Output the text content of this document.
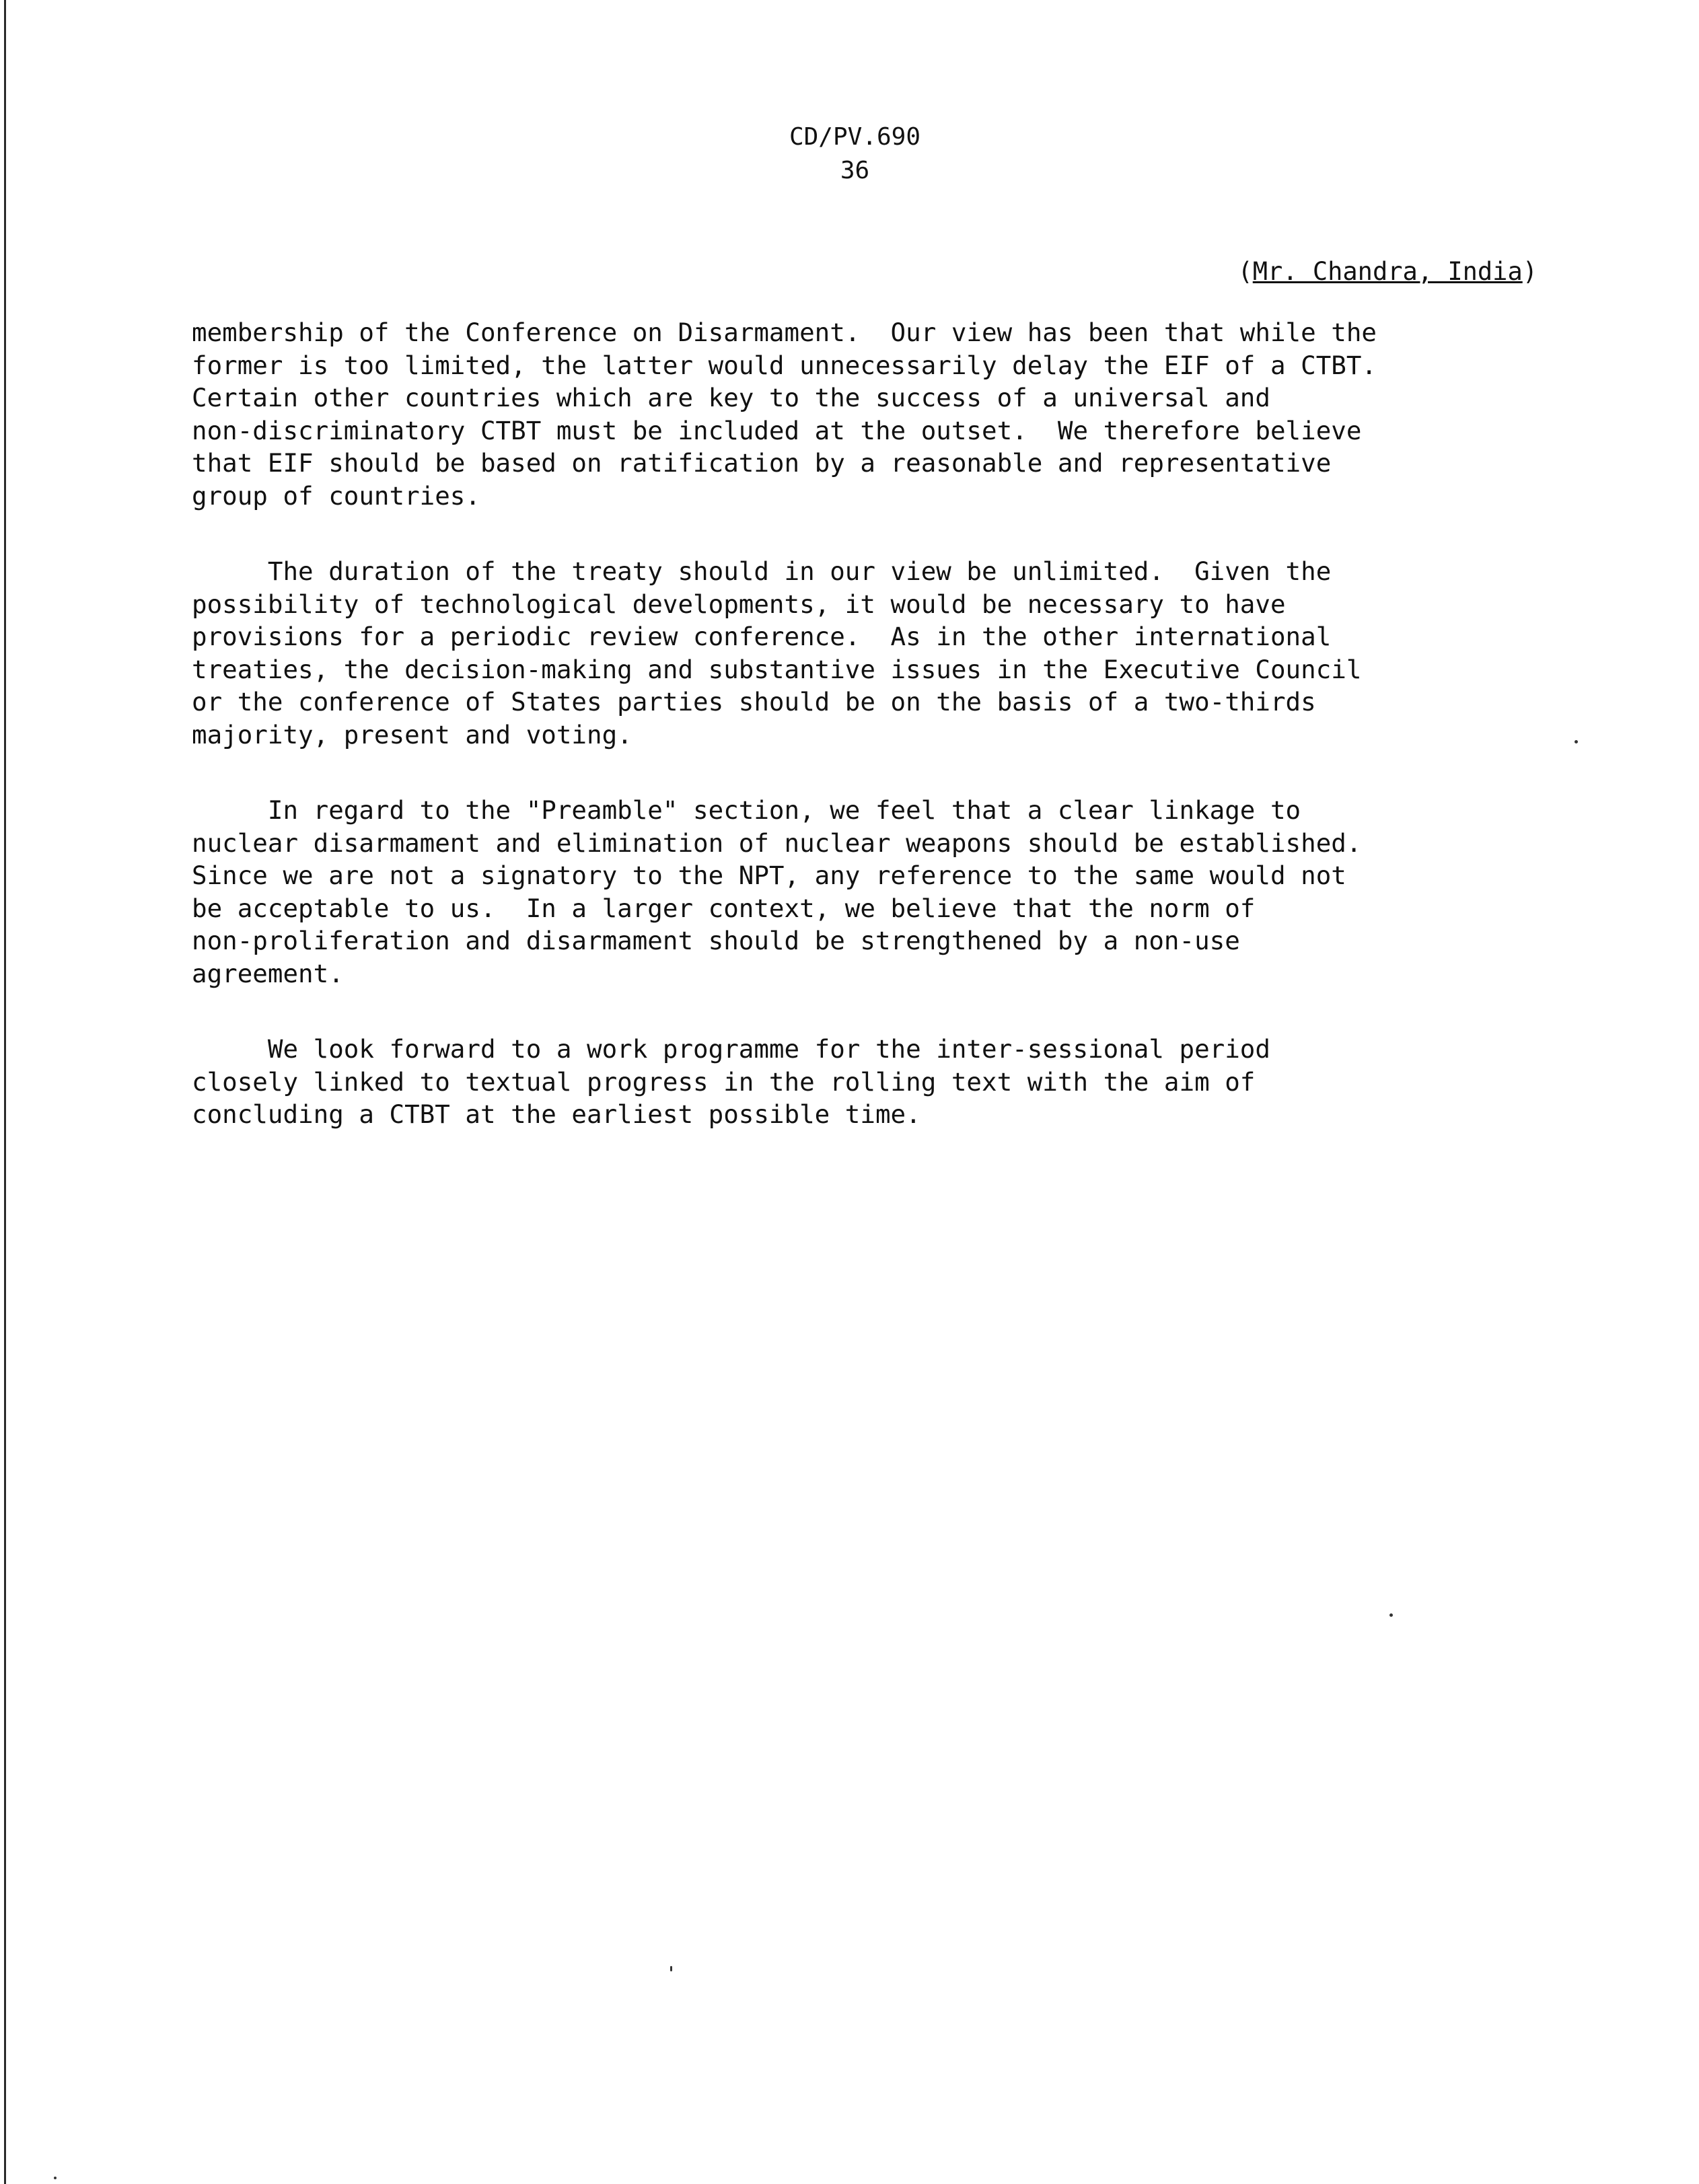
CD/PV.690
36
(Mr. Chandra, India)
membership of the Conference on Disarmament.  Our view has been that while the
former is too limited, the latter would unnecessarily delay the EIF of a CTBT.
Certain other countries which are key to the success of a universal and
non-discriminatory CTBT must be included at the outset.  We therefore believe
that EIF should be based on ratification by a reasonable and representative
group of countries.
The duration of the treaty should in our view be unlimited.  Given the
possibility of technological developments, it would be necessary to have
provisions for a periodic review conference.  As in the other international
treaties, the decision-making and substantive issues in the Executive Council
or the conference of States parties should be on the basis of a two-thirds
majority, present and voting.
In regard to the "Preamble" section, we feel that a clear linkage to
nuclear disarmament and elimination of nuclear weapons should be established.
Since we are not a signatory to the NPT, any reference to the same would not
be acceptable to us.  In a larger context, we believe that the norm of
non-proliferation and disarmament should be strengthened by a non-use
agreement.
We look forward to a work programme for the inter-sessional period
closely linked to textual progress in the rolling text with the aim of
concluding a CTBT at the earliest possible time.
